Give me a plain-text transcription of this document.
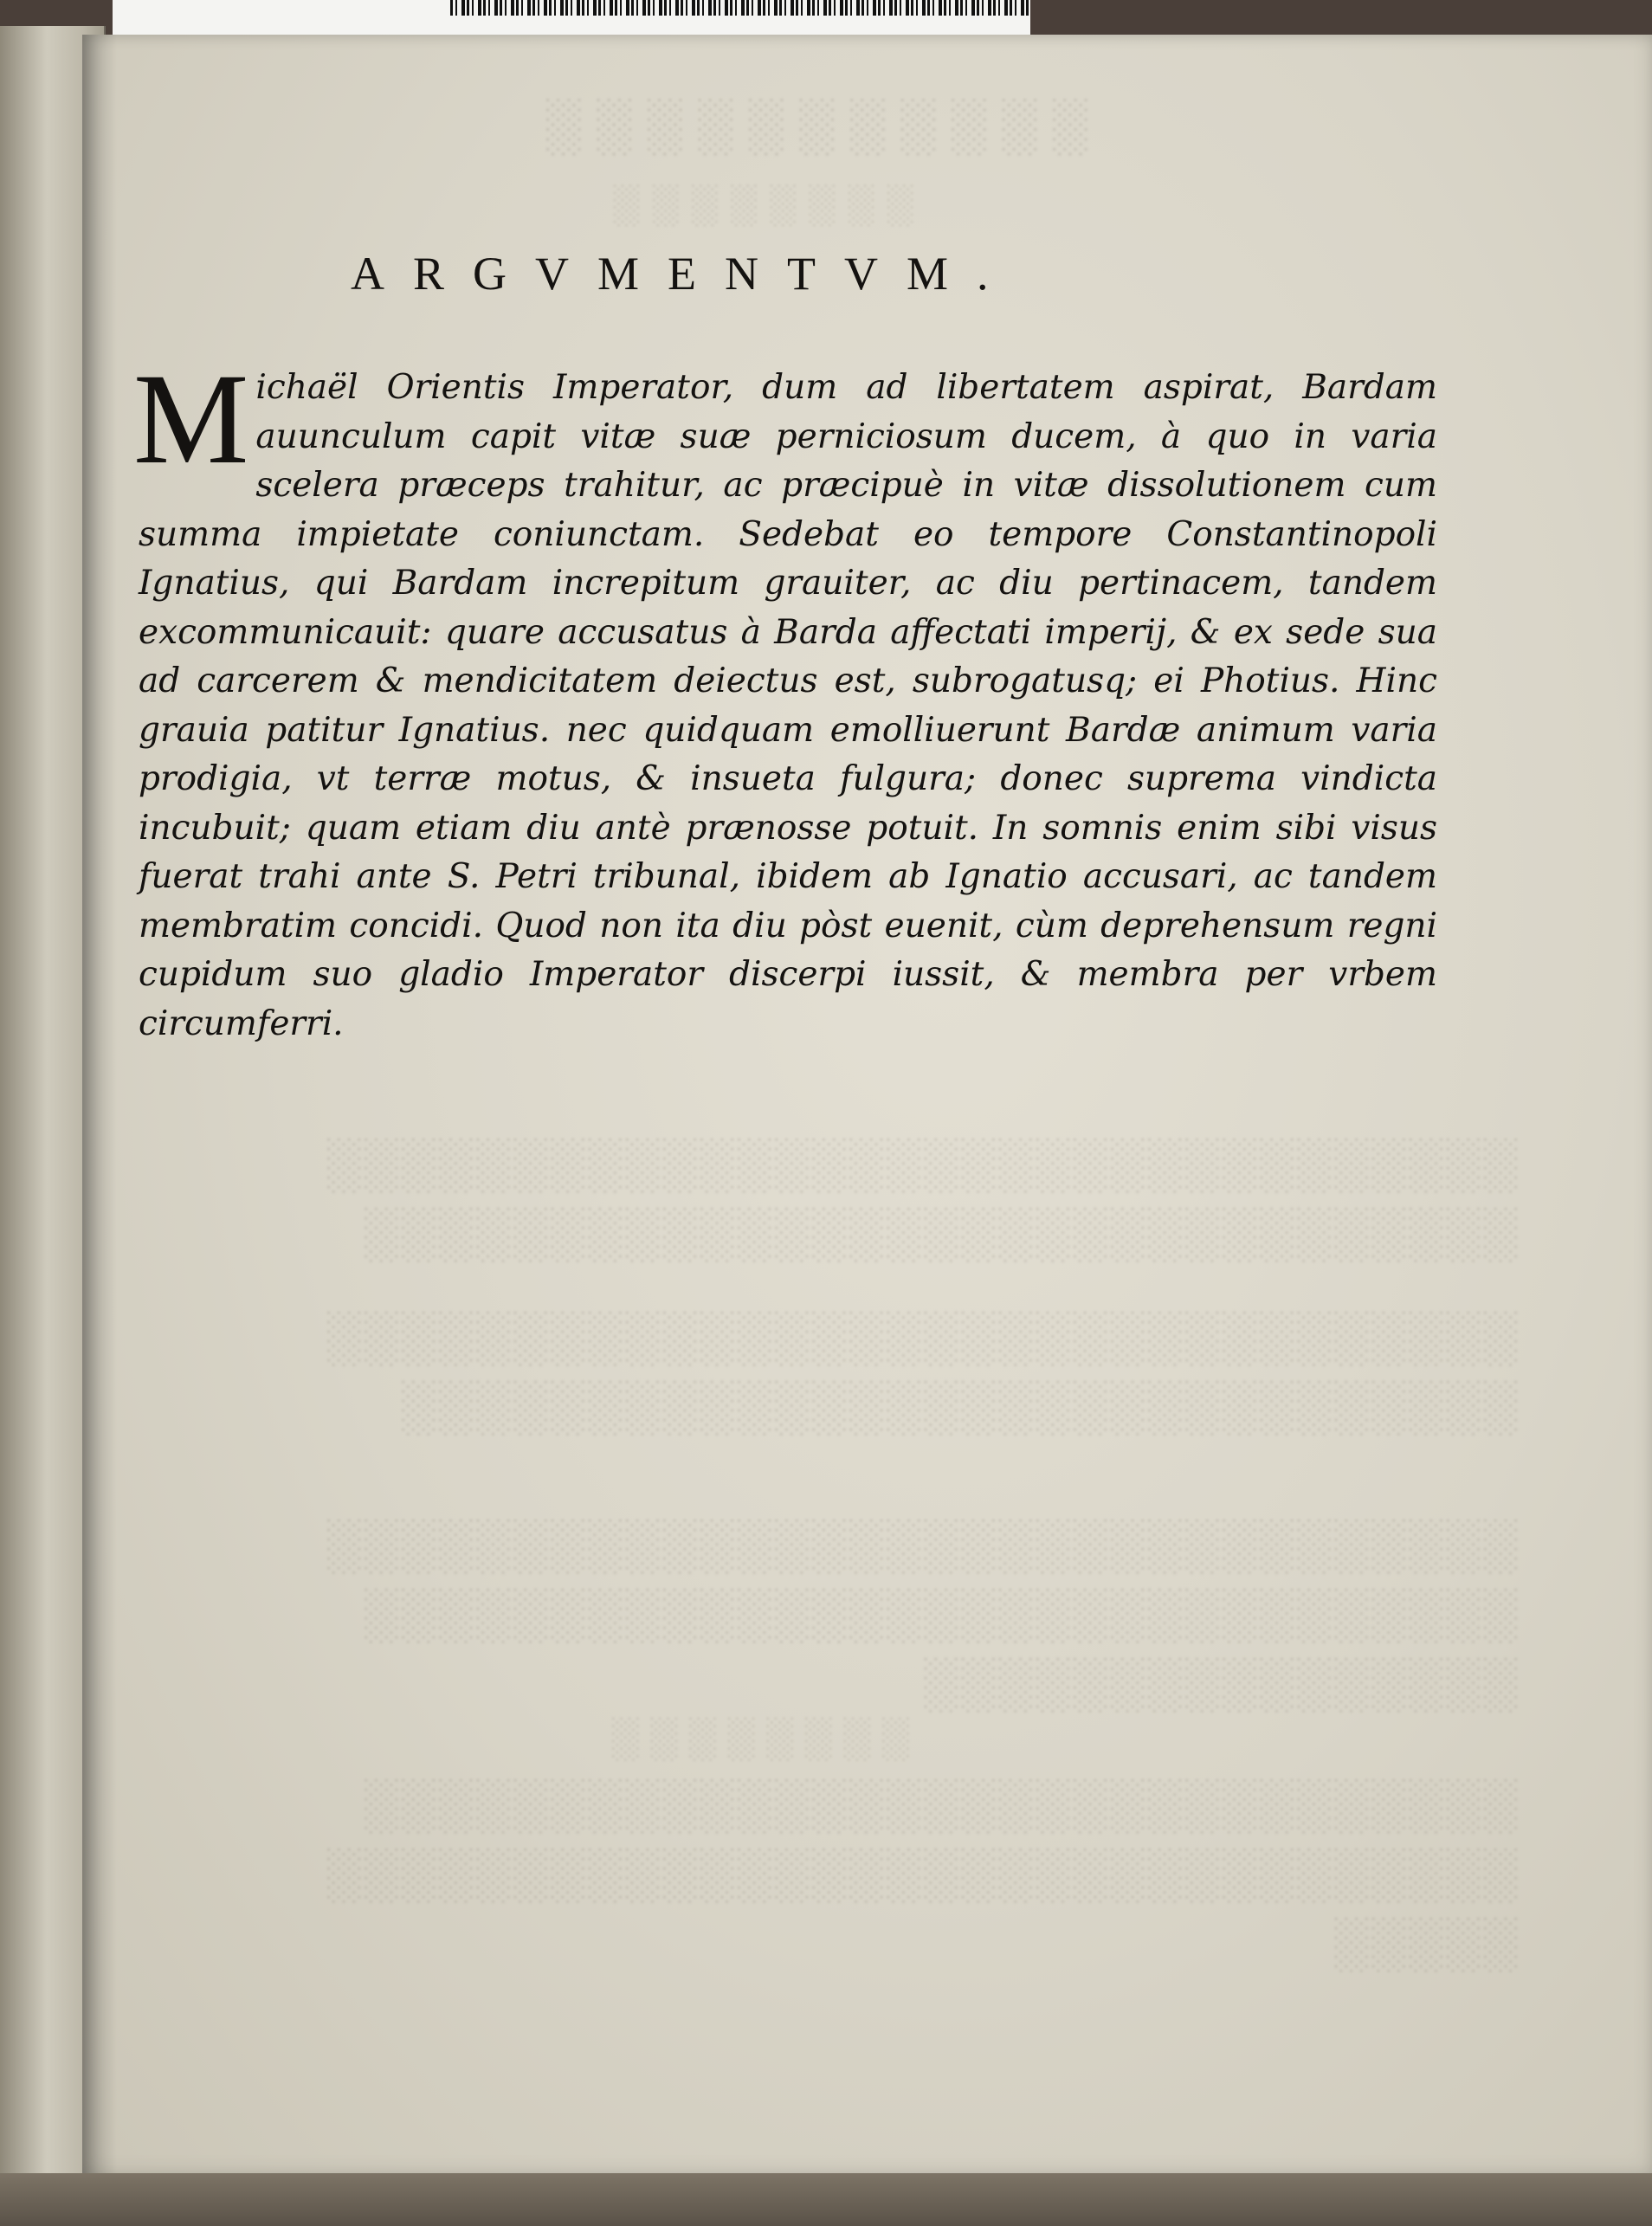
░░░░░░░░░░░
░░░░░░░░
░░░░░░░░░░░░░░░░░░░░░░░░░░░░░░░░
░░░░░░░░░░░░░░░░░░░░░░░░░░░░░░░
░░░░░░░░░░░░░░░░░░░░░░░░░░░░░░░░
░░░░░░░░░░░░░░░░░░░░░░░░░░░░░░
░░░░░░░░░░░░░░░░░░░░░░░░░░░░░░░░
░░░░░░░░░░░░░░░░░░░░░░░░░░░░░░░
░░░░░░░░░░░░░░░░
░░░░░░░░
░░░░░░░░░░░░░░░░░░░░░░░░░░░░░░░
░░░░░░░░░░░░░░░░░░░░░░░░░░░░░░░░
░░░░░
ARGVMENTVM.
Michaël Orientis Imperator, dum ad libertatem aspirat, Bardam auunculum capit vitæ suæ perniciosum ducem, à quo in varia scelera præceps trahitur, ac præcipuè in vitæ dissolutionem cum summa impietate coniunctam. Sedebat eo tempore Constantinopoli Ignatius, qui Bardam increpitum grauiter, ac diu pertinacem, tandem excommunicauit: quare accusatus à Barda affectati imperij, & ex sede sua ad carcerem & mendicitatem deiectus est, subrogatusq; ei Photius. Hinc grauia patitur Ignatius. nec quidquam emolliuerunt Bardæ animum varia prodigia, vt terræ motus, & insueta fulgura; donec suprema vindicta incubuit; quam etiam diu antè prænosse potuit. In somnis enim sibi visus fuerat trahi ante S. Petri tribunal, ibidem ab Ignatio accusari, ac tandem membratim concidi. Quod non ita diu pòst euenit, cùm deprehensum regni cupidum suo gladio Imperator discerpi iussit, & membra per vrbem circumferri.
